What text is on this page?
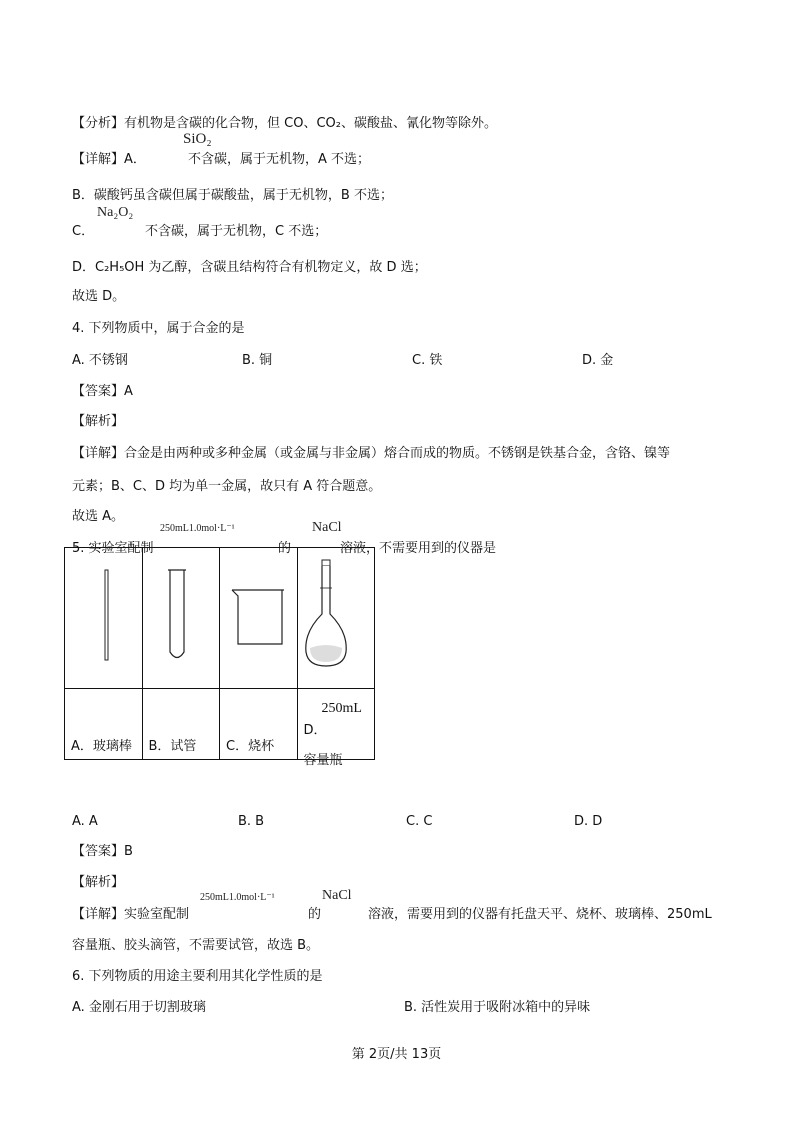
【分析】有机物是含碳的化合物，但 CO、CO₂、碳酸盐、氰化物等除外。
SiO₂
【详解】A．	不含碳，属于无机物，A 不选；
B．碳酸钙虽含碳但属于碳酸盐，属于无机物，B 不选；
Na₂O₂
C．	不含碳，属于无机物，C 不选；
D．C₂H₅OH 为乙醇，含碳且结构符合有机物定义，故 D 选；
故选 D。
4. 下列物质中，属于合金的是
A. 不锈钢	B. 铜	C. 铁	D. 金
【答案】A
【解析】
【详解】合金是由两种或多种金属（或金属与非金属）熔合而成的物质。不锈钢是铁基合金，含铬、镍等
元素；B、C、D 均为单一金属，故只有 A 符合题意。
故选 A。
250mL1.0mol·L⁻¹	NaCl
5. 实验室配制	的	溶液，不需要用到的仪器是

A．玻璃棒	B．试管	C．烧杯	250mL
D．
容量瓶
A. A	B. B	C. C	D. D
【答案】B
【解析】
250mL1.0mol·L⁻¹	NaCl
【详解】实验室配制	的	溶液，需要用到的仪器有托盘天平、烧杯、玻璃棒、250mL
容量瓶、胶头滴管，不需要试管，故选 B。
6. 下列物质的用途主要利用其化学性质的是
A. 金刚石用于切割玻璃	B. 活性炭用于吸附冰箱中的异味
第 2页/共 13页
